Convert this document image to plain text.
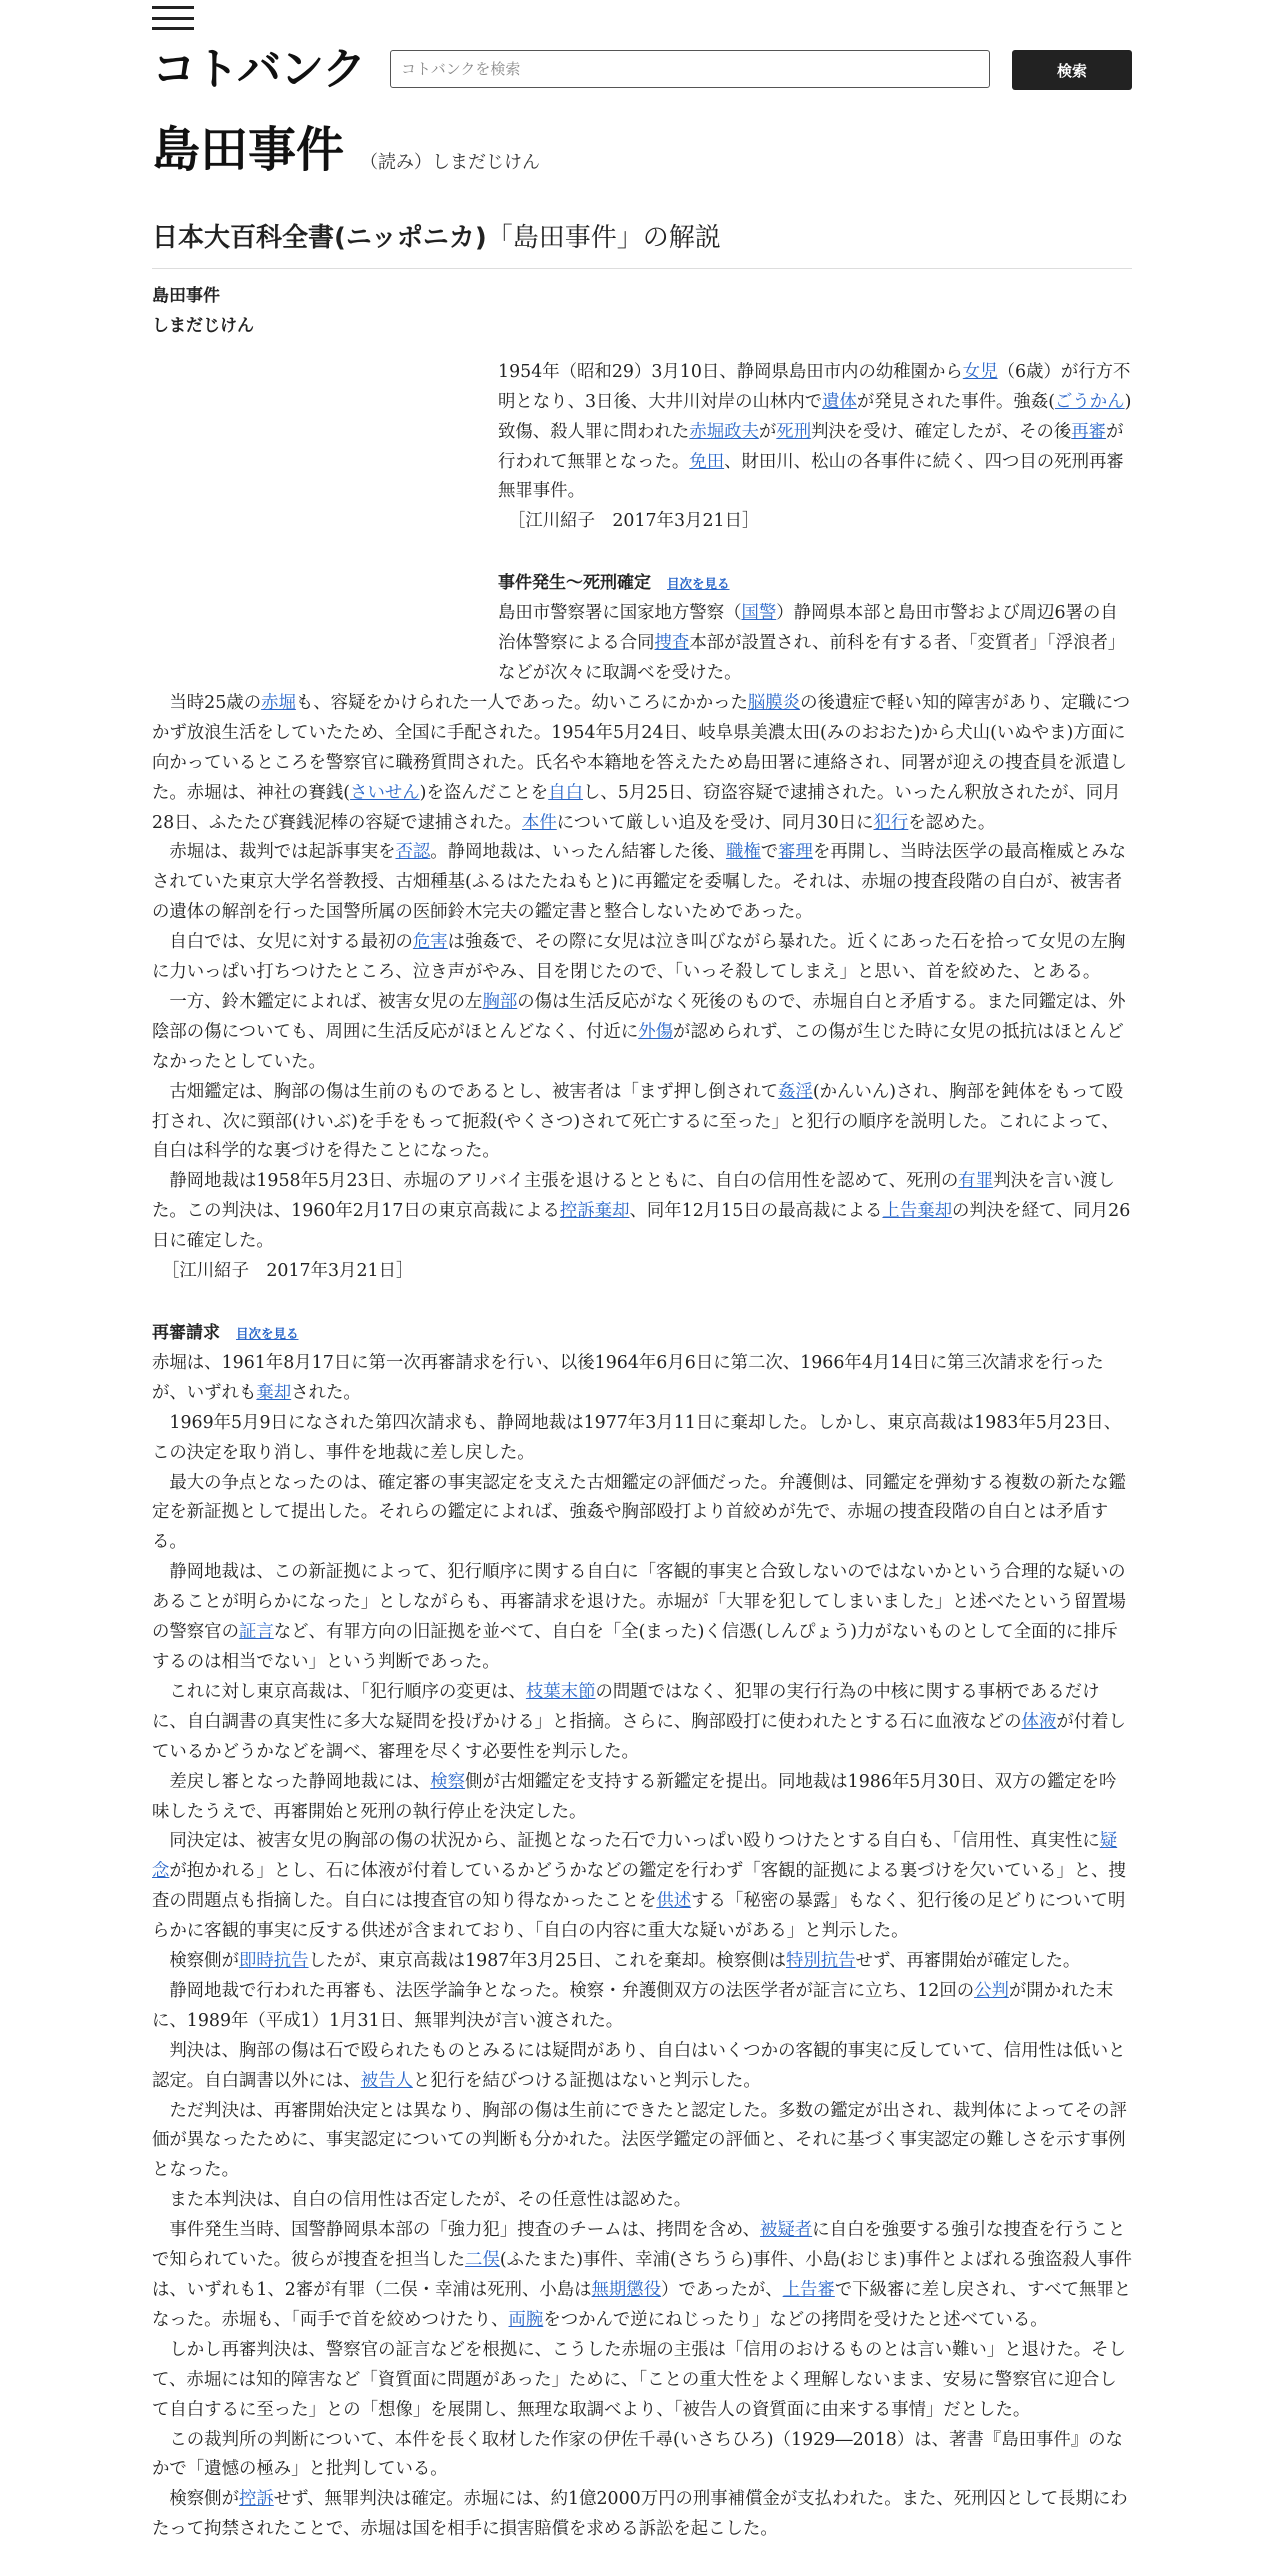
コトバンク
コトバンクを検索	検索
島田事件 （読み）しまだじけん
日本大百科全書(ニッポニカ)「島田事件」の解説
島田事件
しまだじけん

1954年（昭和29）3月10日、静岡県島田市内の幼稚園から女児（6歳）が行方不明となり、3日後、大井川対岸の山林内で遺体が発見された事件。強姦(ごうかん)致傷、殺人罪に問われた赤堀政夫が死刑判決を受け、確定したが、その後再審が行われて無罪となった。免田、財田川、松山の各事件に続く、四つ目の死刑再審無罪事件。

［江川紹子　2017年3月21日］

事件発生～死刑確定 目次を見る

島田市警察署に国家地方警察（国警）静岡県本部と島田市警および周辺6署の自治体警察による合同捜査本部が設置され、前科を有する者、「変質者」「浮浪者」などが次々に取調べを受けた。

当時25歳の赤堀も、容疑をかけられた一人であった。幼いころにかかった脳膜炎の後遺症で軽い知的障害があり、定職につかず放浪生活をしていたため、全国に手配された。1954年5月24日、岐阜県美濃太田(みのおおた)から犬山(いぬやま)方面に向かっているところを警察官に職務質問された。氏名や本籍地を答えたため島田署に連絡され、同署が迎えの捜査員を派遣した。赤堀は、神社の賽銭(さいせん)を盗んだことを自白し、5月25日、窃盗容疑で逮捕された。いったん釈放されたが、同月28日、ふたたび賽銭泥棒の容疑で逮捕された。本件について厳しい追及を受け、同月30日に犯行を認めた。

赤堀は、裁判では起訴事実を否認。静岡地裁は、いったん結審した後、職権で審理を再開し、当時法医学の最高権威とみなされていた東京大学名誉教授、古畑種基(ふるはたたねもと)に再鑑定を委嘱した。それは、赤堀の捜査段階の自白が、被害者の遺体の解剖を行った国警所属の医師鈴木完夫の鑑定書と整合しないためであった。

自白では、女児に対する最初の危害は強姦で、その際に女児は泣き叫びながら暴れた。近くにあった石を拾って女児の左胸に力いっぱい打ちつけたところ、泣き声がやみ、目を閉じたので、「いっそ殺してしまえ」と思い、首を絞めた、とある。

一方、鈴木鑑定によれば、被害女児の左胸部の傷は生活反応がなく死後のもので、赤堀自白と矛盾する。また同鑑定は、外陰部の傷についても、周囲に生活反応がほとんどなく、付近に外傷が認められず、この傷が生じた時に女児の抵抗はほとんどなかったとしていた。

古畑鑑定は、胸部の傷は生前のものであるとし、被害者は「まず押し倒されて姦淫(かんいん)され、胸部を鈍体をもって殴打され、次に頸部(けいぶ)を手をもって扼殺(やくさつ)されて死亡するに至った」と犯行の順序を説明した。これによって、自白は科学的な裏づけを得たことになった。

静岡地裁は1958年5月23日、赤堀のアリバイ主張を退けるとともに、自白の信用性を認めて、死刑の有罪判決を言い渡した。この判決は、1960年2月17日の東京高裁による控訴棄却、同年12月15日の最高裁による上告棄却の判決を経て、同月26日に確定した。

［江川紹子　2017年3月21日］

再審請求 目次を見る

赤堀は、1961年8月17日に第一次再審請求を行い、以後1964年6月6日に第二次、1966年4月14日に第三次請求を行ったが、いずれも棄却された。

1969年5月9日になされた第四次請求も、静岡地裁は1977年3月11日に棄却した。しかし、東京高裁は1983年5月23日、この決定を取り消し、事件を地裁に差し戻した。

最大の争点となったのは、確定審の事実認定を支えた古畑鑑定の評価だった。弁護側は、同鑑定を弾劾する複数の新たな鑑定を新証拠として提出した。それらの鑑定によれば、強姦や胸部殴打より首絞めが先で、赤堀の捜査段階の自白とは矛盾する。

静岡地裁は、この新証拠によって、犯行順序に関する自白に「客観的事実と合致しないのではないかという合理的な疑いのあることが明らかになった」としながらも、再審請求を退けた。赤堀が「大罪を犯してしまいました」と述べたという留置場の警察官の証言など、有罪方向の旧証拠を並べて、自白を「全(まった)く信憑(しんぴょう)力がないものとして全面的に排斥するのは相当でない」という判断であった。

これに対し東京高裁は、「犯行順序の変更は、枝葉末節の問題ではなく、犯罪の実行行為の中核に関する事柄であるだけに、自白調書の真実性に多大な疑問を投げかける」と指摘。さらに、胸部殴打に使われたとする石に血液などの体液が付着しているかどうかなどを調べ、審理を尽くす必要性を判示した。

差戻し審となった静岡地裁には、検察側が古畑鑑定を支持する新鑑定を提出。同地裁は1986年5月30日、双方の鑑定を吟味したうえで、再審開始と死刑の執行停止を決定した。

同決定は、被害女児の胸部の傷の状況から、証拠となった石で力いっぱい殴りつけたとする自白も、「信用性、真実性に疑念が抱かれる」とし、石に体液が付着しているかどうかなどの鑑定を行わず「客観的証拠による裏づけを欠いている」と、捜査の問題点も指摘した。自白には捜査官の知り得なかったことを供述する「秘密の暴露」もなく、犯行後の足どりについて明らかに客観的事実に反する供述が含まれており、「自白の内容に重大な疑いがある」と判示した。

検察側が即時抗告したが、東京高裁は1987年3月25日、これを棄却。検察側は特別抗告せず、再審開始が確定した。

静岡地裁で行われた再審も、法医学論争となった。検察・弁護側双方の法医学者が証言に立ち、12回の公判が開かれた末に、1989年（平成1）1月31日、無罪判決が言い渡された。

判決は、胸部の傷は石で殴られたものとみるには疑問があり、自白はいくつかの客観的事実に反していて、信用性は低いと認定。自白調書以外には、被告人と犯行を結びつける証拠はないと判示した。

ただ判決は、再審開始決定とは異なり、胸部の傷は生前にできたと認定した。多数の鑑定が出され、裁判体によってその評価が異なったために、事実認定についての判断も分かれた。法医学鑑定の評価と、それに基づく事実認定の難しさを示す事例となった。

また本判決は、自白の信用性は否定したが、その任意性は認めた。

事件発生当時、国警静岡県本部の「強力犯」捜査のチームは、拷問を含め、被疑者に自白を強要する強引な捜査を行うことで知られていた。彼らが捜査を担当した二俣(ふたまた)事件、幸浦(さちうら)事件、小島(おじま)事件とよばれる強盗殺人事件は、いずれも1、2審が有罪（二俣・幸浦は死刑、小島は無期懲役）であったが、上告審で下級審に差し戻され、すべて無罪となった。赤堀も、「両手で首を絞めつけたり、両腕をつかんで逆にねじったり」などの拷問を受けたと述べている。

しかし再審判決は、警察官の証言などを根拠に、こうした赤堀の主張は「信用のおけるものとは言い難い」と退けた。そして、赤堀には知的障害など「資質面に問題があった」ために、「ことの重大性をよく理解しないまま、安易に警察官に迎合して自白するに至った」との「想像」を展開し、無理な取調べより、「被告人の資質面に由来する事情」だとした。

この裁判所の判断について、本件を長く取材した作家の伊佐千尋(いさちひろ)（1929―2018）は、著書『島田事件』のなかで「遺憾の極み」と批判している。

検察側が控訴せず、無罪判決は確定。赤堀には、約1億2000万円の刑事補償金が支払われた。また、死刑囚として長期にわたって拘禁されたことで、赤堀は国を相手に損害賠償を求める訴訟を起こした。
